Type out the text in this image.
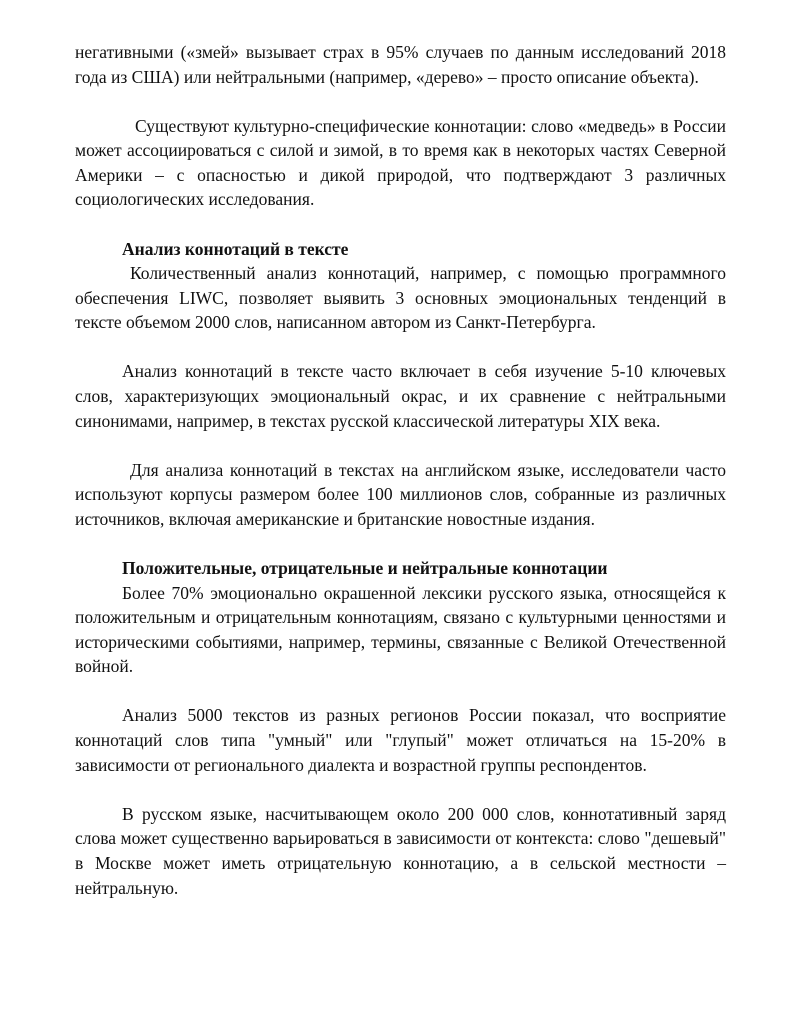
негативными («змей» вызывает страх в 95% случаев по данным исследований 2018 года из США) или нейтральными (например, «дерево» – просто описание объекта).

Существуют культурно-специфические коннотации: слово «медведь» в России может ассоциироваться с силой и зимой, в то время как в некоторых частях Северной Америки – с опасностью и дикой природой, что подтверждают 3 различных социологических исследования.

Анализ коннотаций в тексте

Количественный анализ коннотаций, например, с помощью программного обеспечения LIWC, позволяет выявить 3 основных эмоциональных тенденций в тексте объемом 2000 слов, написанном автором из Санкт-Петербурга.

Анализ коннотаций в тексте часто включает в себя изучение 5-10 ключевых слов, характеризующих эмоциональный окрас, и их сравнение с нейтральными синонимами, например, в текстах русской классической литературы XIX века.

Для анализа коннотаций в текстах на английском языке, исследователи часто используют корпусы размером более 100 миллионов слов, собранные из различных источников, включая американские и британские новостные издания.

Положительные, отрицательные и нейтральные коннотации

Более 70% эмоционально окрашенной лексики русского языка, относящейся к положительным и отрицательным коннотациям, связано с культурными ценностями и историческими событиями, например, термины, связанные с Великой Отечественной войной.

Анализ 5000 текстов из разных регионов России показал, что восприятие коннотаций слов типа "умный" или "глупый" может отличаться на 15-20% в зависимости от регионального диалекта и возрастной группы респондентов.

В русском языке, насчитывающем около 200 000 слов, коннотативный заряд слова может существенно варьироваться в зависимости от контекста: слово "дешевый" в Москве может иметь отрицательную коннотацию, а в сельской местности – нейтральную.
